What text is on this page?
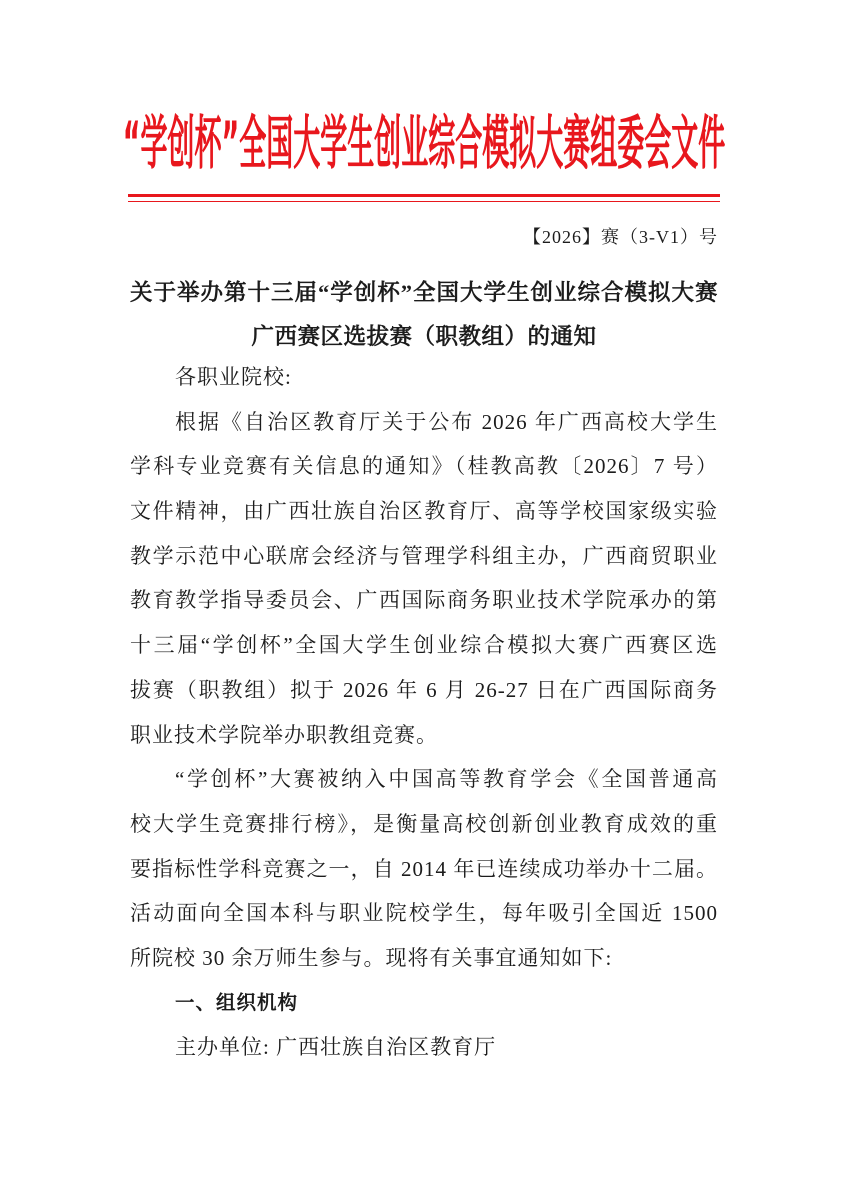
“学创杯”全国大学生创业综合模拟大赛组委会文件
【2026】赛（3-V1）号
关于举办第十三届“学创杯”全国大学生创业综合模拟大赛
广西赛区选拔赛（职教组）的通知
各职业院校:
根据《自治区教育厅关于公布 2026 年广西高校大学生
学科专业竞赛有关信息的通知》（桂教高教〔2026〕7 号）
文件精神，由广西壮族自治区教育厅、高等学校国家级实验
教学示范中心联席会经济与管理学科组主办，广西商贸职业
教育教学指导委员会、广西国际商务职业技术学院承办的第
十三届“学创杯”全国大学生创业综合模拟大赛广西赛区选
拔赛（职教组）拟于 2026 年 6 月 26-27 日在广西国际商务
职业技术学院举办职教组竞赛。
“学创杯”大赛被纳入中国高等教育学会《全国普通高
校大学生竞赛排行榜》，是衡量高校创新创业教育成效的重
要指标性学科竞赛之一，自 2014 年已连续成功举办十二届。
活动面向全国本科与职业院校学生，每年吸引全国近 1500
所院校 30 余万师生参与。现将有关事宜通知如下:
一、组织机构
主办单位: 广西壮族自治区教育厅
